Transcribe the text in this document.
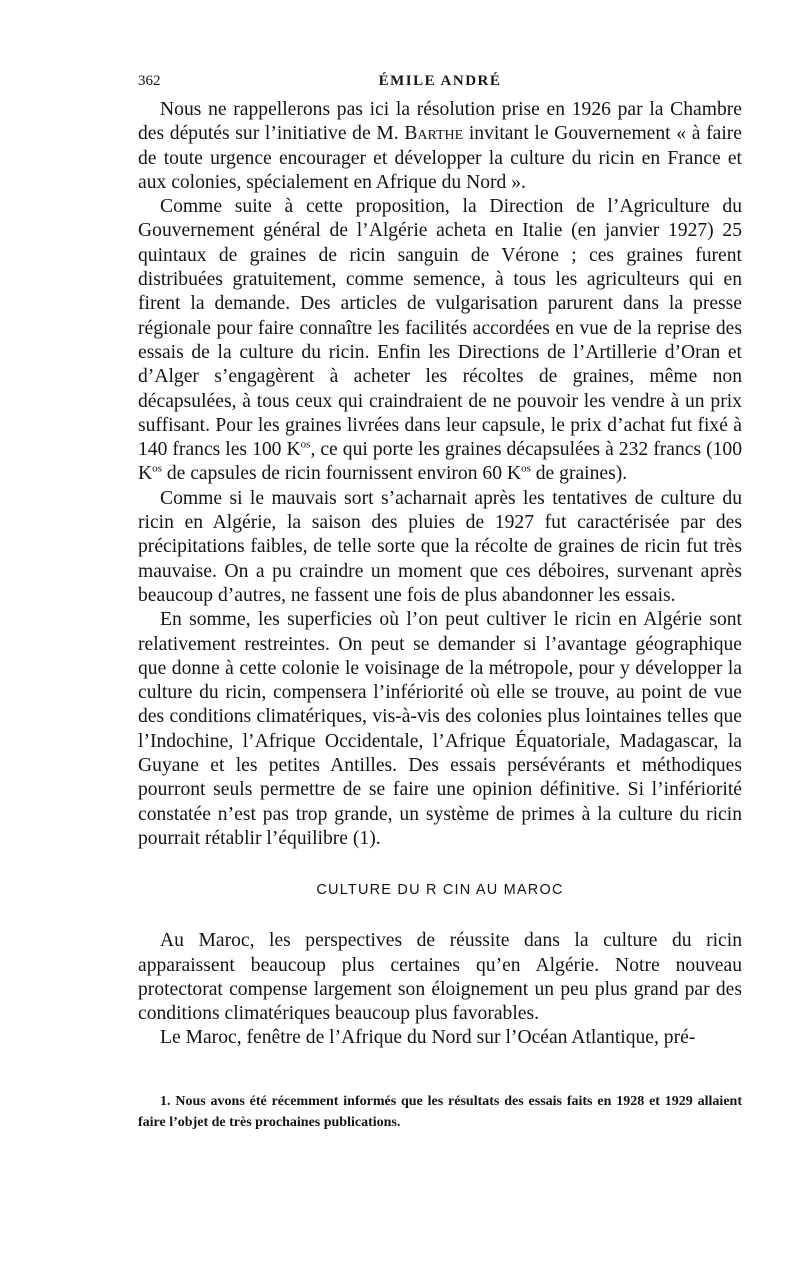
362	ÉMILE ANDRÉ

Nous ne rappellerons pas ici la résolution prise en 1926 par la Chambre des députés sur l’initiative de M. Barthe invitant le Gouvernement « à faire de toute urgence encourager et développer la culture du ricin en France et aux colonies, spécialement en Afrique du Nord ».

Comme suite à cette proposition, la Direction de l’Agriculture du Gouvernement général de l’Algérie acheta en Italie (en janvier 1927) 25 quintaux de graines de ricin sanguin de Vérone ; ces graines furent distribuées gratuitement, comme semence, à tous les agriculteurs qui en firent la demande. Des articles de vulgarisation parurent dans la presse régionale pour faire connaître les facilités accordées en vue de la reprise des essais de la culture du ricin. Enfin les Directions de l’Artillerie d’Oran et d’Alger s’engagèrent à acheter les récoltes de graines, même non décapsulées, à tous ceux qui craindraient de ne pouvoir les vendre à un prix suffisant. Pour les graines livrées dans leur capsule, le prix d’achat fut fixé à 140 francs les 100 $K^{os}$, ce qui porte les graines décapsulées à 232 francs (100 $K^{os}$ de capsules de ricin fournissent environ 60 $K^{os}$ de graines).

Comme si le mauvais sort s’acharnait après les tentatives de culture du ricin en Algérie, la saison des pluies de 1927 fut caractérisée par des précipitations faibles, de telle sorte que la récolte de graines de ricin fut très mauvaise. On a pu craindre un moment que ces déboires, survenant après beaucoup d’autres, ne fassent une fois de plus abandonner les essais.

En somme, les superficies où l’on peut cultiver le ricin en Algérie sont relativement restreintes. On peut se demander si l’avantage géographique que donne à cette colonie le voisinage de la métropole, pour y développer la culture du ricin, compensera l’infériorité où elle se trouve, au point de vue des conditions climatériques, vis-à-vis des colonies plus lointaines telles que l’Indochine, l’Afrique Occidentale, l’Afrique Équatoriale, Madagascar, la Guyane et les petites Antilles. Des essais persévérants et méthodiques pourront seuls permettre de se faire une opinion définitive. Si l’infériorité constatée n’est pas trop grande, un système de primes à la culture du ricin pourrait rétablir l’équilibre (1).

CULTURE DU R CIN AU MAROC

Au Maroc, les perspectives de réussite dans la culture du ricin apparaissent beaucoup plus certaines qu’en Algérie. Notre nouveau protectorat compense largement son éloignement un peu plus grand par des conditions climatériques beaucoup plus favorables.

Le Maroc, fenêtre de l’Afrique du Nord sur l’Océan Atlantique, pré-

1. Nous avons été récemment informés que les résultats des essais faits en 1928 et 1929 allaient faire l’objet de très prochaines publications.
